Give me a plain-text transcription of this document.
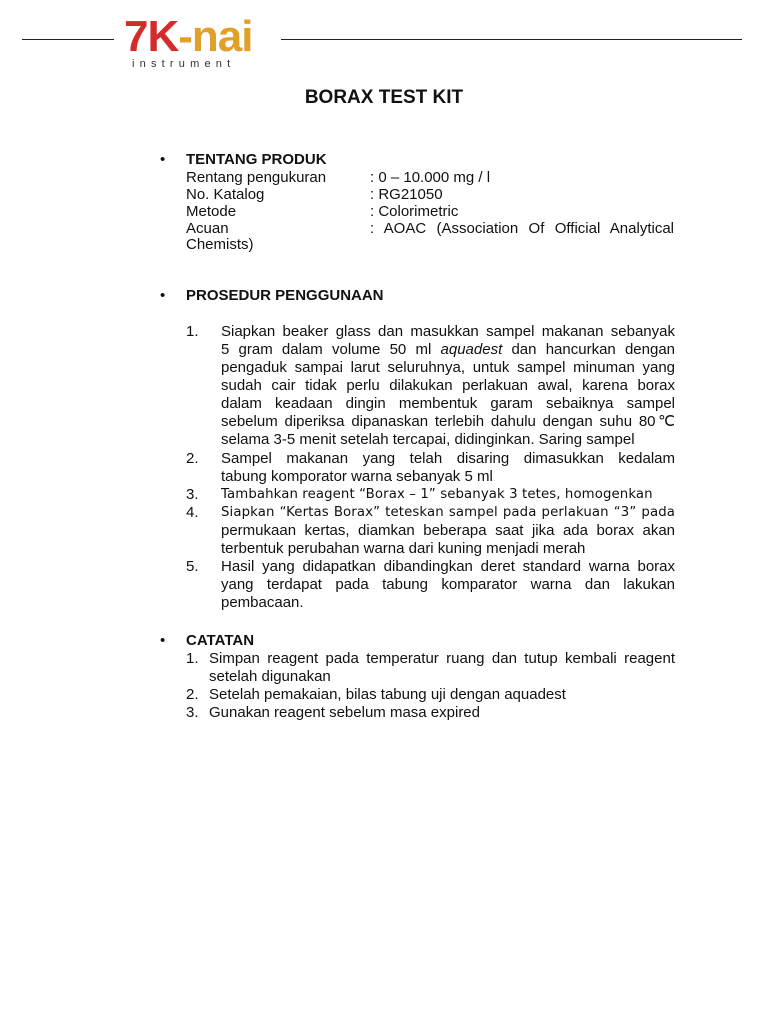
7K-nai
instrument
BORAX TEST KIT
• TENTANG PRODUK
Rentang pengukuran	: 0 – 10.000 mg / l
No. Katalog	: RG21050
Metode	: Colorimetric
Acuan	: AOAC (Association Of Official Analytical
Chemists)
• PROSEDUR PENGGUNAAN
1. Siapkan beaker glass dan masukkan sampel makanan sebanyak
5 gram dalam volume 50 ml aquadest dan hancurkan dengan
pengaduk sampai larut seluruhnya, untuk sampel minuman yang
sudah cair tidak perlu dilakukan perlakuan awal, karena borax
dalam keadaan dingin membentuk garam sebaiknya sampel
sebelum diperiksa dipanaskan terlebih dahulu dengan suhu 80℃
selama 3-5 menit setelah tercapai, didinginkan. Saring sampel
2. Sampel makanan yang telah disaring dimasukkan kedalam
tabung komporator warna sebanyak 5 ml
3. Tambahkan reagent “Borax – 1” sebanyak 3 tetes, homogenkan
4. Siapkan “Kertas Borax” teteskan sampel pada perlakuan “3” pada
permukaan kertas, diamkan beberapa saat jika ada borax akan
terbentuk perubahan warna dari kuning menjadi merah
5. Hasil yang didapatkan dibandingkan deret standard warna borax
yang terdapat pada tabung komparator warna dan lakukan
pembacaan.
• CATATAN
1. Simpan reagent pada temperatur ruang dan tutup kembali reagent
setelah digunakan
2. Setelah pemakaian, bilas tabung uji dengan aquadest
3. Gunakan reagent sebelum masa expired
